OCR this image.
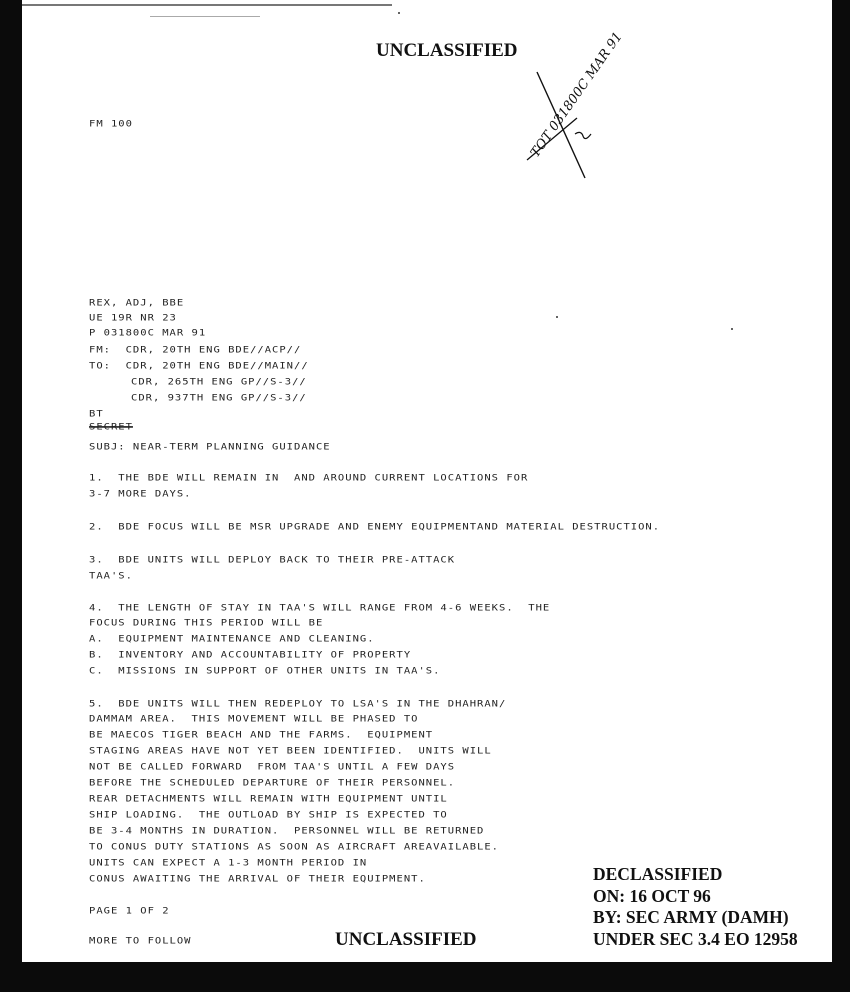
UNCLASSIFIED TOT 031800C MAR 91
FM 100
REX, ADJ, BBE
UE 19R NR 23
P 031800C MAR 91
FM:  CDR, 20TH ENG BDE//ACP//
TO:  CDR, 20TH ENG BDE//MAIN//
CDR, 265TH ENG GP//S-3//
CDR, 937TH ENG GP//S-3//
BT
SECRET
SUBJ: NEAR-TERM PLANNING GUIDANCE
1.  THE BDE WILL REMAIN IN  AND AROUND CURRENT LOCATIONS FOR
3-7 MORE DAYS.
2.  BDE FOCUS WILL BE MSR UPGRADE AND ENEMY EQUIPMENTAND MATERIAL DESTRUCTION.
3.  BDE UNITS WILL DEPLOY BACK TO THEIR PRE-ATTACK
TAA'S.
4.  THE LENGTH OF STAY IN TAA'S WILL RANGE FROM 4-6 WEEKS.  THE
FOCUS DURING THIS PERIOD WILL BE
A.  EQUIPMENT MAINTENANCE AND CLEANING.
B.  INVENTORY AND ACCOUNTABILITY OF PROPERTY
C.  MISSIONS IN SUPPORT OF OTHER UNITS IN TAA'S.
5.  BDE UNITS WILL THEN REDEPLOY TO LSA'S IN THE DHAHRAN/
DAMMAM AREA.  THIS MOVEMENT WILL BE PHASED TO
BE MAECOS TIGER BEACH AND THE FARMS.  EQUIPMENT
STAGING AREAS HAVE NOT YET BEEN IDENTIFIED.  UNITS WILL
NOT BE CALLED FORWARD  FROM TAA'S UNTIL A FEW DAYS
BEFORE THE SCHEDULED DEPARTURE OF THEIR PERSONNEL.
REAR DETACHMENTS WILL REMAIN WITH EQUIPMENT UNTIL
SHIP LOADING.  THE OUTLOAD BY SHIP IS EXPECTED TO
BE 3-4 MONTHS IN DURATION.  PERSONNEL WILL BE RETURNED
TO CONUS DUTY STATIONS AS SOON AS AIRCRAFT AREAVAILABLE.
UNITS CAN EXPECT A 1-3 MONTH PERIOD IN
CONUS AWAITING THE ARRIVAL OF THEIR EQUIPMENT.
PAGE 1 OF 2
MORE TO FOLLOW	UNCLASSIFIED
DECLASSIFIED
ON: 16 OCT 96
BY: SEC ARMY (DAMH)
UNDER SEC 3.4 EO 12958
